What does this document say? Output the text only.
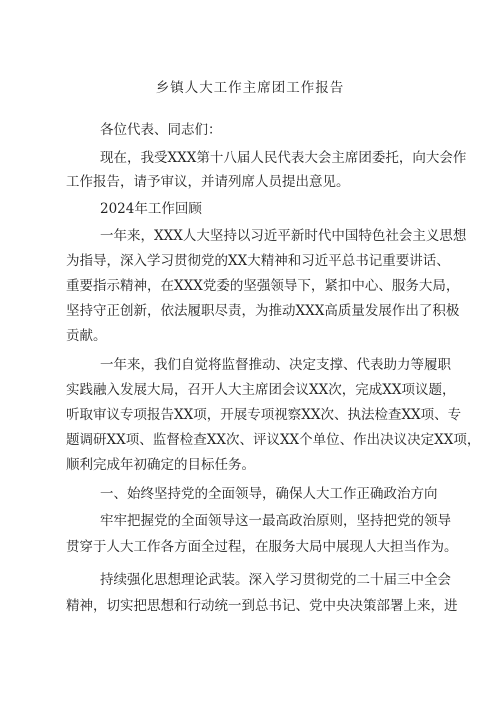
乡镇人大工作主席团工作报告
各位代表、同志们：
现在，我受XXX第十八届人民代表大会主席团委托，向大会作
工作报告，请予审议，并请列席人员提出意见。
2024年工作回顾
一年来，XXX人大坚持以习近平新时代中国特色社会主义思想
为指导，深入学习贯彻党的XX大精神和习近平总书记重要讲话、
重要指示精神，在XXX党委的坚强领导下，紧扣中心、服务大局，
坚持守正创新，依法履职尽责，为推动XXX高质量发展作出了积极
贡献。
一年来，我们自觉将监督推动、决定支撑、代表助力等履职
实践融入发展大局，召开人大主席团会议XX次，完成XX项议题，
听取审议专项报告XX项，开展专项视察XX次、执法检查XX项、专
题调研XX项、监督检查XX次、评议XX个单位、作出决议决定XX项，
顺利完成年初确定的目标任务。
一、始终坚持党的全面领导，确保人大工作正确政治方向
牢牢把握党的全面领导这一最高政治原则，坚持把党的领导
贯穿于人大工作各方面全过程，在服务大局中展现人大担当作为。
持续强化思想理论武装。深入学习贯彻党的二十届三中全会
精神，切实把思想和行动统一到总书记、党中央决策部署上来，进
